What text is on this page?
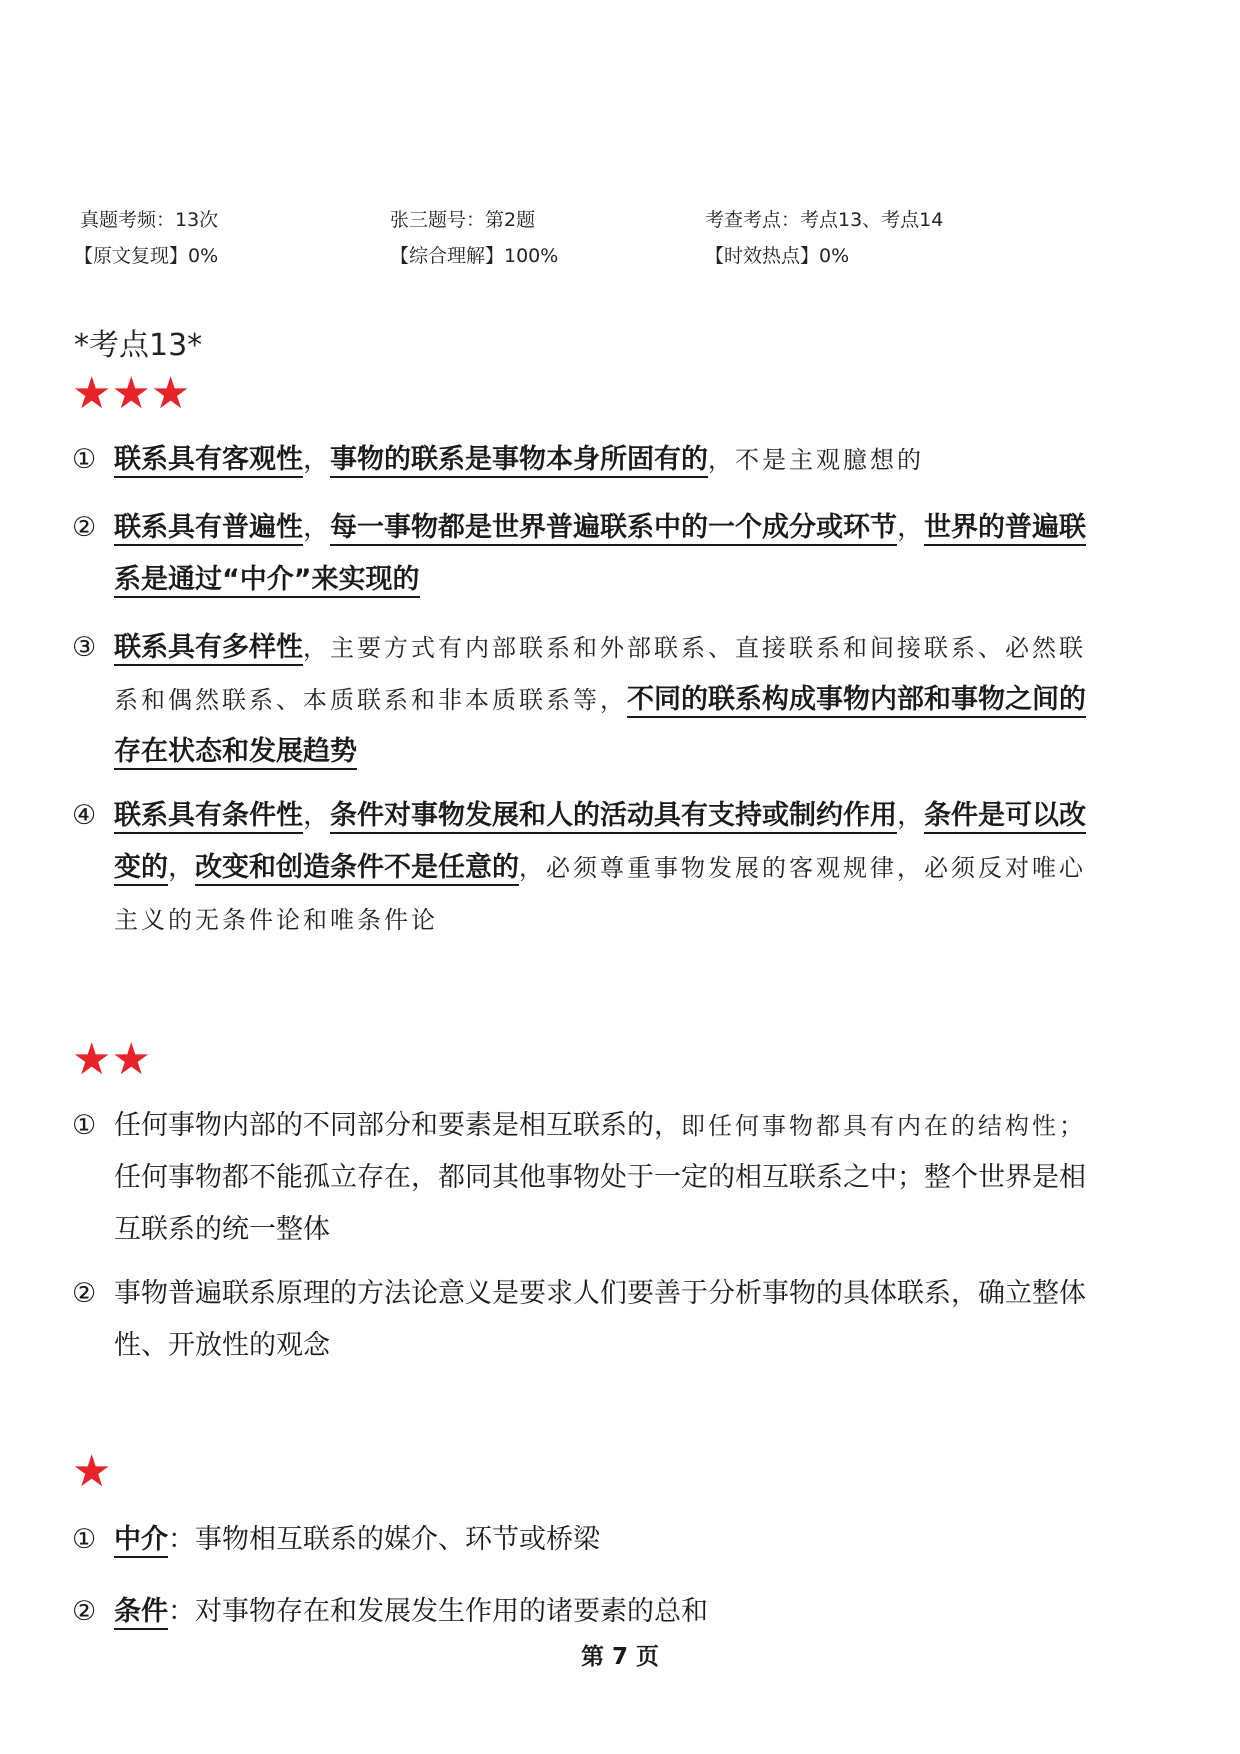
真题考频：13次	张三题号：第2题	考查考点：考点13、考点14
【原文复现】0%	【综合理解】100%	【时效热点】0%
*考点13*
★★★
① 联系具有客观性，事物的联系是事物本身所固有的，不是主观臆想的
② 联系具有普遍性，每一事物都是世界普遍联系中的一个成分或环节，世界的普遍联
系是通过“中介”来实现的
③ 联系具有多样性，主要方式有内部联系和外部联系、直接联系和间接联系、必然联
系和偶然联系、本质联系和非本质联系等，不同的联系构成事物内部和事物之间的
存在状态和发展趋势
④ 联系具有条件性，条件对事物发展和人的活动具有支持或制约作用，条件是可以改
变的，改变和创造条件不是任意的，必须尊重事物发展的客观规律，必须反对唯心
主义的无条件论和唯条件论
★★
① 任何事物内部的不同部分和要素是相互联系的，即任何事物都具有内在的结构性；
任何事物都不能孤立存在，都同其他事物处于一定的相互联系之中；整个世界是相
互联系的统一整体
② 事物普遍联系原理的方法论意义是要求人们要善于分析事物的具体联系，确立整体
性、开放性的观念
★
① 中介：事物相互联系的媒介、环节或桥梁
② 条件：对事物存在和发展发生作用的诸要素的总和
第 7 页
